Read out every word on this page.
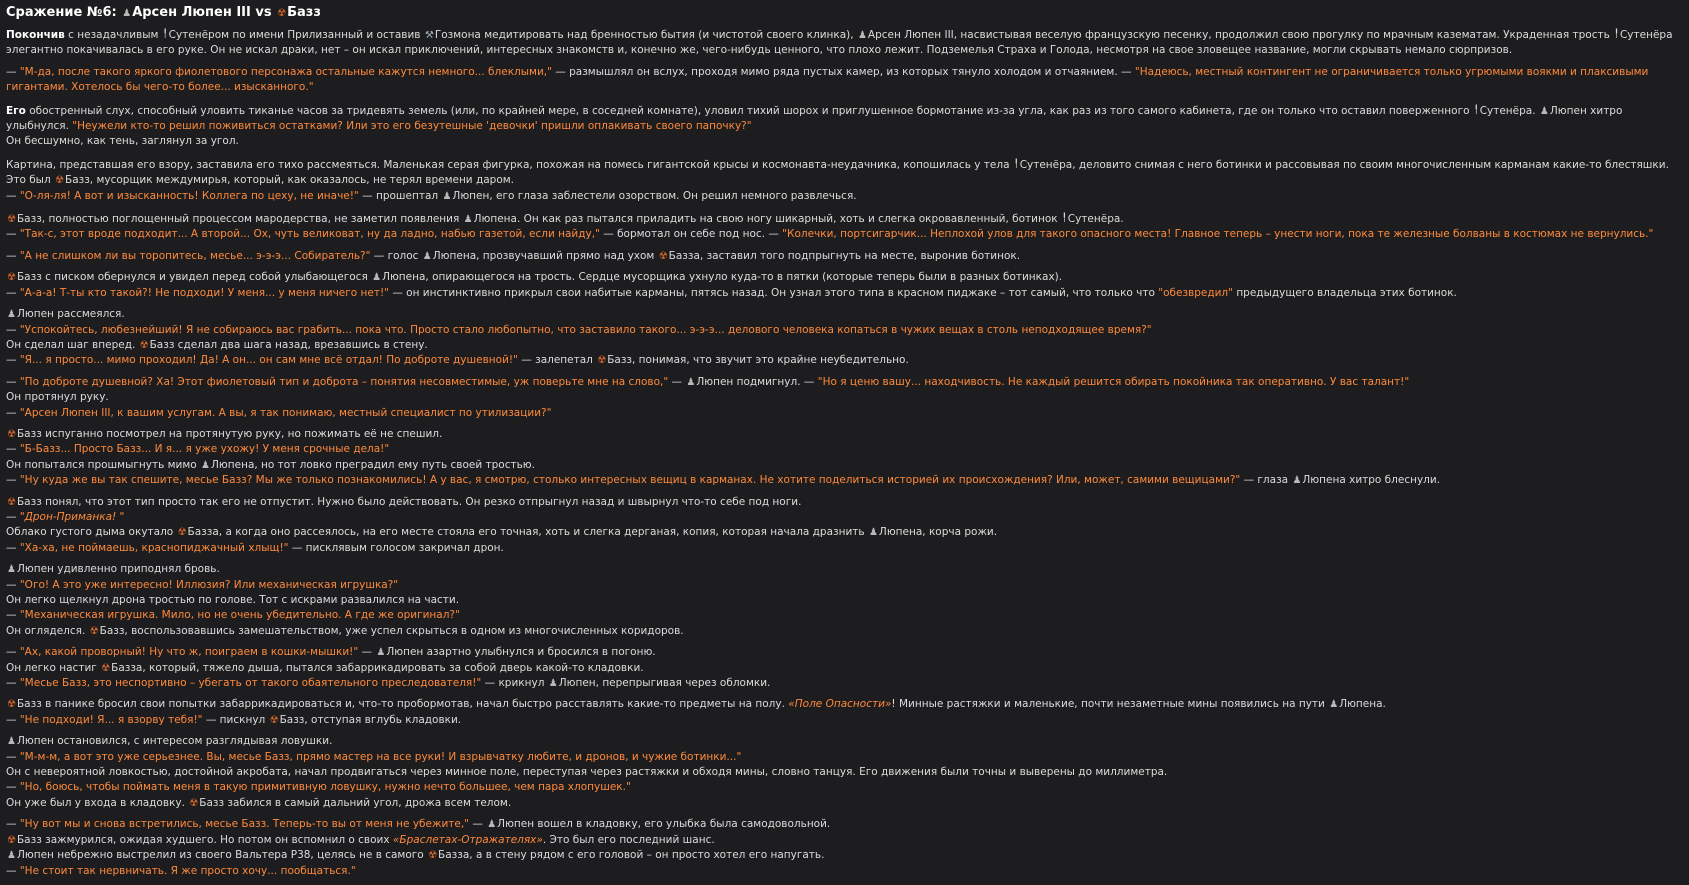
Сражение №6: ♟Арсен Люпен III vs ☢Базз
Покончив с незадачливым ╿Сутенёром по имени Прилизанный и оставив ⚒Гозмона медитировать над бренностью бытия (и чистотой своего клинка), ♟Арсен Люпен III, насвистывая веселую французскую песенку, продолжил свою прогулку по мрачным казематам. Украденная трость ╿Сутенёра элегантно покачивалась в его руке. Он не искал драки, нет – он искал приключений, интересных знакомств и, конечно же, чего-нибудь ценного, что плохо лежит. Подземелья Страха и Голода, несмотря на свое зловещее название, могли скрывать немало сюрпризов.
— "М-да, после такого яркого фиолетового персонажа остальные кажутся немного... блеклыми," — размышлял он вслух, проходя мимо ряда пустых камер, из которых тянуло холодом и отчаянием. — "Надеюсь, местный контингент не ограничивается только угрюмыми воякми и плаксивыми гигантами. Хотелось бы чего-то более... изысканного."
Его обостренный слух, способный уловить тиканье часов за тридевять земель (или, по крайней мере, в соседней комнате), уловил тихий шорох и приглушенное бормотание из-за угла, как раз из того самого кабинета, где он только что оставил поверженного ╿Сутенёра. ♟Люпен хитро улыбнулся. "Неужели кто-то решил поживиться остатками? Или это его безутешные 'девочки' пришли оплакивать своего папочку?"
Он бесшумно, как тень, заглянул за угол.
Картина, представшая его взору, заставила его тихо рассмеяться. Маленькая серая фигурка, похожая на помесь гигантской крысы и космонавта-неудачника, копошилась у тела ╿Сутенёра, деловито снимая с него ботинки и рассовывая по своим многочисленным карманам какие-то блестяшки. Это был ☢Базз, мусорщик междумирья, который, как оказалось, не терял времени даром.
— "О-ля-ля! А вот и изысканность! Коллега по цеху, не иначе!" — прошептал ♟Люпен, его глаза заблестели озорством. Он решил немного развлечься.
☢Базз, полностью поглощенный процессом мародерства, не заметил появления ♟Люпена. Он как раз пытался приладить на свою ногу шикарный, хоть и слегка окровавленный, ботинок ╿Сутенёра.
— "Так-с, этот вроде подходит... А второй... Ох, чуть великоват, ну да ладно, набью газетой, если найду," — бормотал он себе под нос. — "Колечки, портсигарчик... Неплохой улов для такого опасного места! Главное теперь – унести ноги, пока те железные болваны в костюмах не вернулись."
— "А не слишком ли вы торопитесь, месье... э-э-э... Собиратель?" — голос ♟Люпена, прозвучавший прямо над ухом ☢Базза, заставил того подпрыгнуть на месте, выронив ботинок.
☢Базз с писком обернулся и увидел перед собой улыбающегося ♟Люпена, опирающегося на трость. Сердце мусорщика ухнуло куда-то в пятки (которые теперь были в разных ботинках).
— "А-а-а! Т-ты кто такой?! Не подходи! У меня... у меня ничего нет!" — он инстинктивно прикрыл свои набитые карманы, пятясь назад. Он узнал этого типа в красном пиджаке – тот самый, что только что "обезвредил" предыдущего владельца этих ботинок.
♟Люпен рассмеялся.
— "Успокойтесь, любезнейший! Я не собираюсь вас грабить... пока что. Просто стало любопытно, что заставило такого... э-э-э... делового человека копаться в чужих вещах в столь неподходящее время?"
Он сделал шаг вперед. ☢Базз сделал два шага назад, врезавшись в стену.
— "Я... я просто... мимо проходил! Да! А он... он сам мне всё отдал! По доброте душевной!" — залепетал ☢Базз, понимая, что звучит это крайне неубедительно.
— "По доброте душевной? Ха! Этот фиолетовый тип и доброта – понятия несовместимые, уж поверьте мне на слово," — ♟Люпен подмигнул. — "Но я ценю вашу... находчивость. Не каждый решится обирать покойника так оперативно. У вас талант!"
Он протянул руку.
— "Арсен Люпен III, к вашим услугам. А вы, я так понимаю, местный специалист по утилизации?"
☢Базз испуганно посмотрел на протянутую руку, но пожимать её не спешил.
— "Б-Базз... Просто Базз... И я... я уже ухожу! У меня срочные дела!"
Он попытался прошмыгнуть мимо ♟Люпена, но тот ловко преградил ему путь своей тростью.
— "Ну куда же вы так спешите, месье Базз? Мы же только познакомились! А у вас, я смотрю, столько интересных вещиц в карманах. Не хотите поделиться историей их происхождения? Или, может, самими вещицами?" — глаза ♟Люпена хитро блеснули.
☢Базз понял, что этот тип просто так его не отпустит. Нужно было действовать. Он резко отпрыгнул назад и швырнул что-то себе под ноги.
— "Дрон-Приманка! "
Облако густого дыма окутало ☢Базза, а когда оно рассеялось, на его месте стояла его точная, хоть и слегка дерганая, копия, которая начала дразнить ♟Люпена, корча рожи.
— "Ха-ха, не поймаешь, краснопиджачный хлыщ!" — писклявым голосом закричал дрон.
♟Люпен удивленно приподнял бровь.
— "Ого! А это уже интересно! Иллюзия? Или механическая игрушка?"
Он легко щелкнул дрона тростью по голове. Тот с искрами развалился на части.
— "Механическая игрушка. Мило, но не очень убедительно. А где же оригинал?"
Он огляделся. ☢Базз, воспользовавшись замешательством, уже успел скрыться в одном из многочисленных коридоров.
— "Ах, какой проворный! Ну что ж, поиграем в кошки-мышки!" — ♟Люпен азартно улыбнулся и бросился в погоню.
Он легко настиг ☢Базза, который, тяжело дыша, пытался забаррикадировать за собой дверь какой-то кладовки.
— "Месье Базз, это неспортивно – убегать от такого обаятельного преследователя!" — крикнул ♟Люпен, перепрыгивая через обломки.
☢Базз в панике бросил свои попытки забаррикадироваться и, что-то пробормотав, начал быстро расставлять какие-то предметы на полу. «Поле Опасности»! Минные растяжки и маленькие, почти незаметные мины появились на пути ♟Люпена.
— "Не подходи! Я... я взорву тебя!" — пискнул ☢Базз, отступая вглубь кладовки.
♟Люпен остановился, с интересом разглядывая ловушки.
— "М-м-м, а вот это уже серьезнее. Вы, месье Базз, прямо мастер на все руки! И взрывчатку любите, и дронов, и чужие ботинки..."
Он с невероятной ловкостью, достойной акробата, начал продвигаться через минное поле, переступая через растяжки и обходя мины, словно танцуя. Его движения были точны и выверены до миллиметра.
— "Но, боюсь, чтобы поймать меня в такую примитивную ловушку, нужно нечто большее, чем пара хлопушек."
Он уже был у входа в кладовку. ☢Базз забился в самый дальний угол, дрожа всем телом.
— "Ну вот мы и снова встретились, месье Базз. Теперь-то вы от меня не убежите," — ♟Люпен вошел в кладовку, его улыбка была самодовольной.
☢Базз зажмурился, ожидая худшего. Но потом он вспомнил о своих «Браслетах-Отражателях». Это был его последний шанс.
♟Люпен небрежно выстрелил из своего Вальтера P38, целясь не в самого ☢Базза, а в стену рядом с его головой – он просто хотел его напугать.
— "Не стоит так нервничать. Я же просто хочу... пообщаться."
